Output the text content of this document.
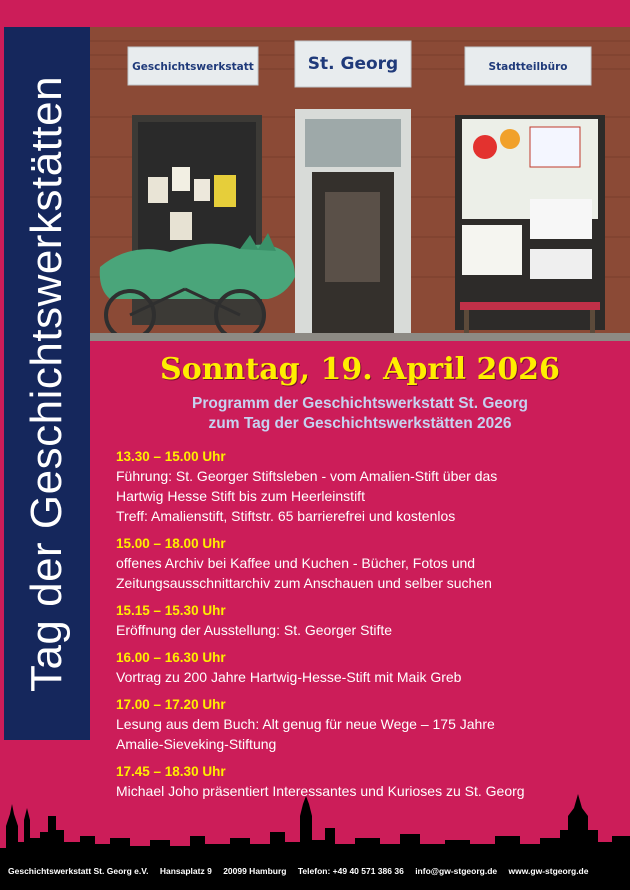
Tag der Geschichtswerkstätten
Geschichtswerkstatt	St. Georg	Stadtteilbüro
Sonntag, 19. April 2026
Programm der Geschichtswerkstatt St. Georg
zum Tag der Geschichtswerkstätten 2026
13.30 – 15.00 Uhr
Führung: St. Georger Stiftsleben - vom Amalien-Stift über das
Hartwig Hesse Stift bis zum Heerleinstift
Treff: Amalienstift, Stiftstr. 65 barrierefrei und kostenlos
15.00 – 18.00 Uhr
offenes Archiv bei Kaffee und Kuchen - Bücher, Fotos und
Zeitungsausschnittarchiv zum Anschauen und selber suchen
15.15 – 15.30 Uhr
Eröffnung der Ausstellung: St. Georger Stifte
16.00 – 16.30 Uhr
Vortrag zu 200 Jahre Hartwig-Hesse-Stift mit Maik Greb
17.00 – 17.20 Uhr
Lesung aus dem Buch: Alt genug für neue Wege – 175 Jahre
Amalie-Sieveking-Stiftung
17.45 – 18.30 Uhr
Michael Joho präsentiert Interessantes und Kurioses zu St. Georg
Geschichtswerkstatt St. Georg e.V. Hansaplatz 9 20099 Hamburg Telefon: +49 40 571 386 36 info@gw-stgeorg.de www.gw-stgeorg.de
